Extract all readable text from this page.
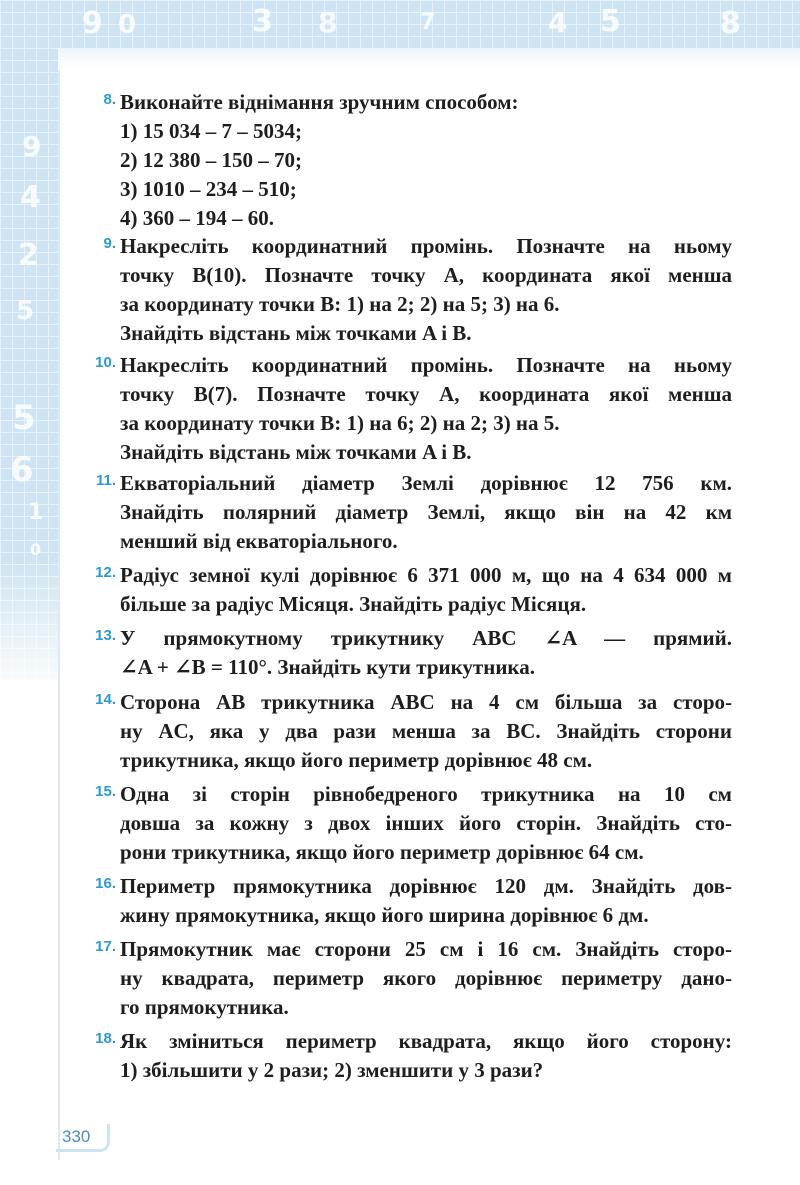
9 0	3 8	7	4 5	8
9
4
2
5
5
6
1
0
8. Виконайте віднімання зручним способом:
1) 15 034 – 7 – 5034;
2) 12 380 – 150 – 70;
3) 1010 – 234 – 510;
4) 360 – 194 – 60.
9. Накресліть координатний промінь. Позначте на ньому
точку B(10). Позначте точку A, координата якої менша
за координату точки B: 1) на 2; 2) на 5; 3) на 6.
Знайдіть відстань між точками A і B.
10. Накресліть координатний промінь. Позначте на ньому
точку B(7). Позначте точку A, координата якої менша
за координату точки B: 1) на 6; 2) на 2; 3) на 5.
Знайдіть відстань між точками A і B.
11. Екваторіальний діаметр Землі дорівнює 12 756 км.
Знайдіть полярний діаметр Землі, якщо він на 42 км
менший від екваторіального.
12. Радіус земної кулі дорівнює 6 371 000 м, що на 4 634 000 м
більше за радіус Місяця. Знайдіть радіус Місяця.
13. У прямокутному трикутнику ABC ∠A — прямий.
∠A + ∠B = 110°. Знайдіть кути трикутника.
14. Сторона AB трикутника ABC на 4 см більша за сторо-
ну AC, яка у два рази менша за BC. Знайдіть сторони
трикутника, якщо його периметр дорівнює 48 см.
15. Одна зі сторін рівнобедреного трикутника на 10 см
довша за кожну з двох інших його сторін. Знайдіть сто-
рони трикутника, якщо його периметр дорівнює 64 см.
16. Периметр прямокутника дорівнює 120 дм. Знайдіть дов-
жину прямокутника, якщо його ширина дорівнює 6 дм.
17. Прямокутник має сторони 25 см і 16 см. Знайдіть сторо-
ну квадрата, периметр якого дорівнює периметру дано-
го прямокутника.
18. Як зміниться периметр квадрата, якщо його сторону:
1) збільшити у 2 рази; 2) зменшити у 3 рази?
330
